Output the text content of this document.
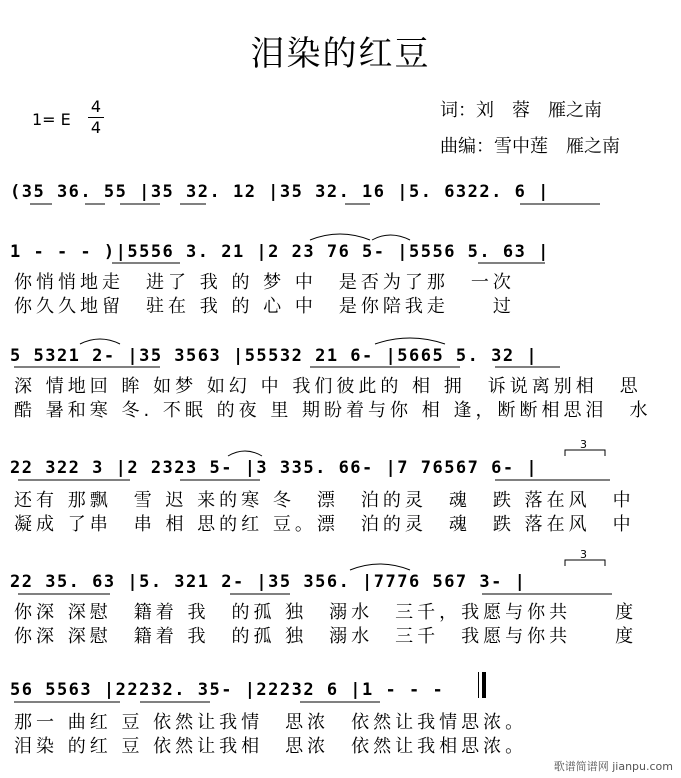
泪染的红豆
1= E
4
4
词：刘　蓉　雁之南
曲编：雪中莲　雁之南
(35 36. 55 |35 32. 12 |35 32. 16 |5. 6322. 6 |
1 - - - )|5556 3. 21 |2 23 76 5- |5556 5. 63 |
你悄悄地走　进了 我 的 梦 中　是否为了那　一次
你久久地留　驻在 我 的 心 中　是你陪我走　　过
5 5321 2- |35 3563 |55532 21 6- |5665 5. 32 |
深 情地回 眸 如梦 如幻 中 我们彼此的 相 拥　诉说离别相　思
酷 暑和寒 冬. 不眠 的夜 里 期盼着与你 相 逢，断断相思泪　水
22 322 3 |2 2323 5- |3 335. 66- |7 76567 6- |
还有 那飘　雪 迟 来的寒 冬　漂　泊的灵　魂　跌 落在风　中
凝成 了串　串 相 思的红 豆。漂　泊的灵　魂　跌 落在风　中
22 35. 63 |5. 321 2- |35 356. |7776 567 3- |
你深 深慰　籍着 我　的孤 独　溺水　三千，我愿与你共　　度
你深 深慰　籍着 我　的孤 独　溺水　三千　我愿与你共　　度
56 5563 |22232. 35- |22232 6 |1 - - -
那一 曲红 豆 依然让我情　思浓　依然让我情思浓。
泪染 的红 豆 依然让我相　思浓　依然让我相思浓。
3
3
歌谱简谱网 jianpu.com
